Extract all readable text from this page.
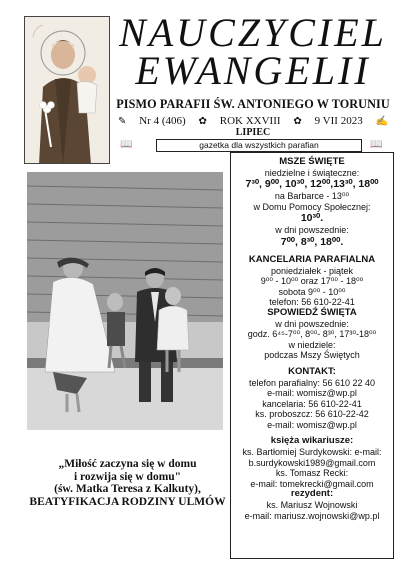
NAUCZYCIEL
EWANGELII
PISMO PARAFII ŚW. ANTONIEGO W TORUNIU
✎ Nr 4 (406) ✿ ROK XXVIII ✿ 9 VII 2023 ✍
LIPIEC
📖	gazetka dla wszystkich parafian	📖
„Miłość zaczyna się w domu
i rozwija się w domu"
(św. Matka Teresa z Kalkuty),
BEATYFIKACJA RODZINY ULMÓW
MSZE ŚWIĘTE
niedzielne i świąteczne:
7³⁰, 9⁰⁰, 10³⁰, 12⁰⁰,13³⁰, 18⁰⁰
na Barbarce - 13⁰⁰
w Domu Pomocy Społecznej:
10³⁰.
w dni powszednie:
7⁰⁰, 8³⁰, 18⁰⁰.
KANCELARIA PARAFIALNA
poniedziałek - piątek
9⁰⁰ - 10⁰⁰ oraz 17⁰⁰ - 18⁰⁰
sobota 9⁰⁰ - 10⁰⁰
telefon: 56 610-22-41
SPOWIEDŹ ŚWIĘTA
w dni powszednie:
godz. 6⁴⁵-7⁰⁰, 8⁰⁰- 8³⁰, 17³⁰-18⁰⁰
w niedziele:
podczas Mszy Świętych
KONTAKT:
telefon parafialny: 56 610 22 40
e-mail: womisz@wp.pl
kancelaria: 56 610-22-41
ks. proboszcz: 56 610-22-42
e-mail: womisz@wp.pl
księża wikariusze:
ks. Bartłomiej Surdykowski: e-mail:
b.surdykowski1989@gmail.com
ks. Tomasz Recki:
e-mail: tomekrecki@gmail.com
rezydent:
ks. Mariusz Wojnowski
e-mail: mariusz.wojnowski@wp.pl
